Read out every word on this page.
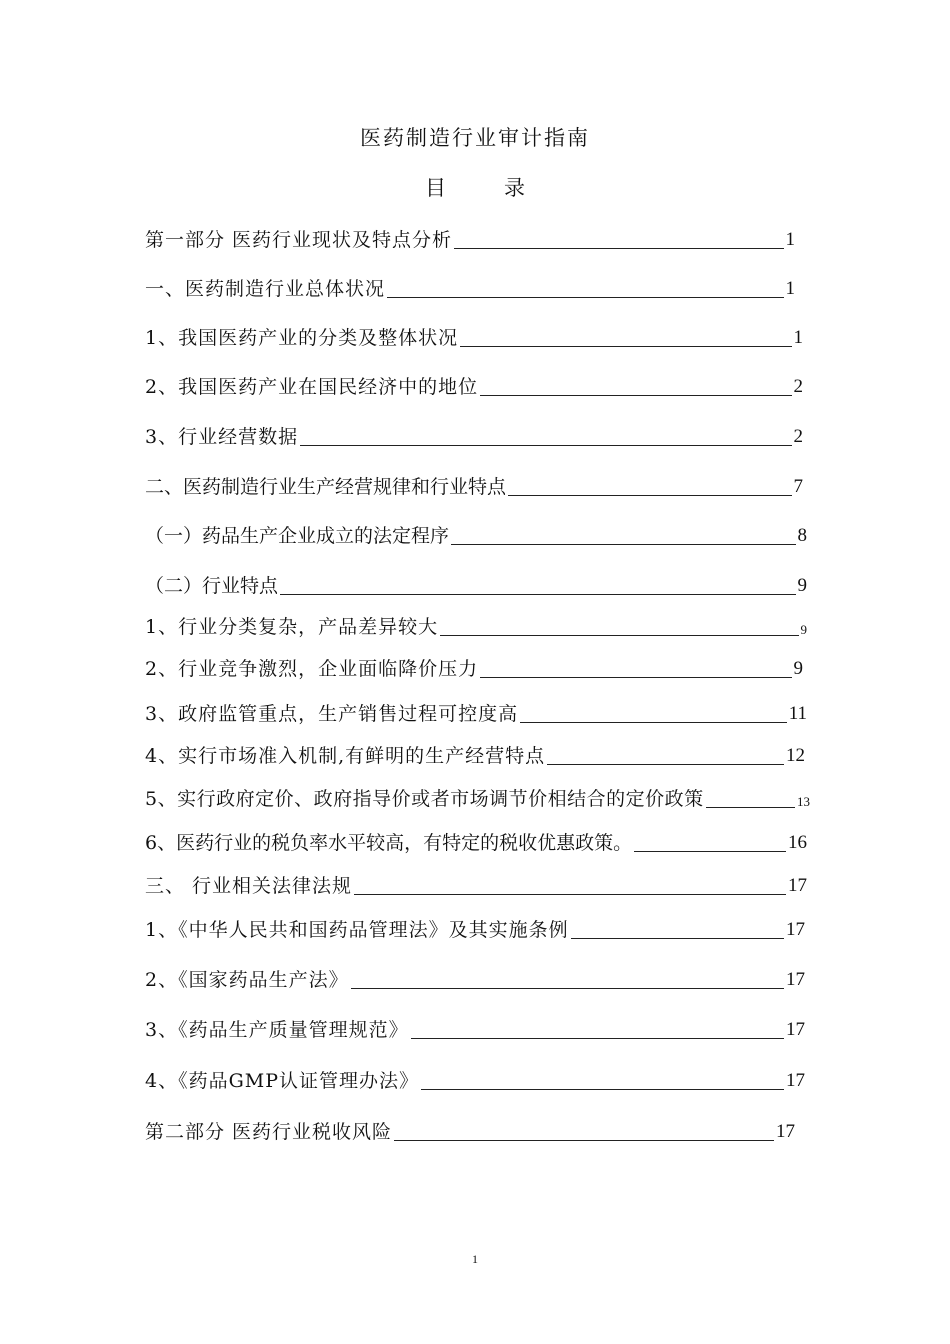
医药制造行业审计指南
目	录
第一部分 医药行业现状及特点分析	1
一、医药制造行业总体状况	1
1、我国医药产业的分类及整体状况	1
2、我国医药产业在国民经济中的地位	2
3、行业经营数据	2
二、医药制造行业生产经营规律和行业特点	7
（一）药品生产企业成立的法定程序	8
（二）行业特点	9
1、行业分类复杂，产品差异较大	9
2、行业竞争激烈，企业面临降价压力	9
3、政府监管重点，生产销售过程可控度高	11
4、实行市场准入机制,有鲜明的生产经营特点	12
5、实行政府定价、政府指导价或者市场调节价相结合的定价政策	13
6、医药行业的税负率水平较高，有特定的税收优惠政策。	16
三、 行业相关法律法规	17
1、《中华人民共和国药品管理法》及其实施条例	17
2、《国家药品生产法》	17
3、《药品生产质量管理规范》	17
4、《药品GMP认证管理办法》	17
第二部分 医药行业税收风险	17
1
